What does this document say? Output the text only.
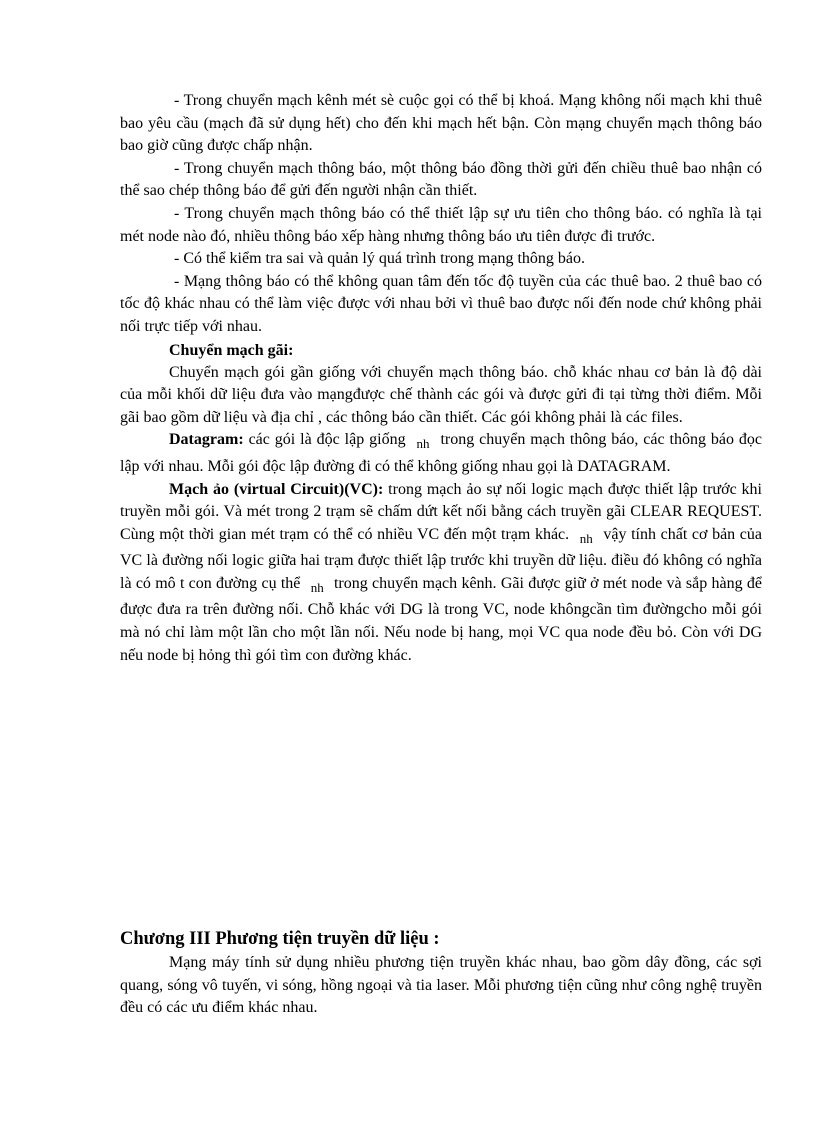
- Trong chuyển mạch kênh mét sè cuộc gọi có thể bị khoá. Mạng không nối mạch khi thuê bao yêu cầu (mạch đã sử dụng hết) cho đến khi mạch hết bận. Còn mạng chuyển mạch thông báo bao giờ cũng được chấp nhận.

- Trong chuyển mạch thông báo, một thông báo đồng thời gửi đến chiều thuê bao nhận có thể sao chép thông báo để gửi đến người nhận cần thiết.

- Trong chuyển mạch thông báo có thể thiết lập sự ưu tiên cho thông báo. có nghĩa là tại mét node nào đó, nhiều thông báo xếp hàng nhưng thông báo ưu tiên được đi trước.

- Có thể kiểm tra sai và quản lý quá trình trong mạng thông báo.

- Mạng thông báo có thể không quan tâm đến tốc độ tuyền của các thuê bao. 2 thuê bao có tốc độ khác nhau có thể làm việc được với nhau bởi vì thuê bao được nối đến node chứ không phải nối trực tiếp với nhau.

Chuyển mạch gãi:

Chuyển mạch gói gần giống với chuyển mạch thông báo. chỗ khác nhau cơ bản là độ dài của mỗi khối dữ liệu đưa vào mạngđược chế thành các gói và được gửi đi tại từng thời điểm. Mỗi gãi bao gồm dữ liệu và địa chỉ , các thông báo cần thiết. Các gói không phải là các files.

Datagram: các gói là độc lập giống $_{nh}$ trong chuyển mạch thông báo, các thông báo đọc lập với nhau. Mỗi gói độc lập đường đi có thể không giống nhau gọi là DATAGRAM.

Mạch ảo (virtual Circuit)(VC): trong mạch ảo sự nối logic mạch được thiết lập trước khi truyền mỗi gói. Và mét trong 2 trạm sẽ chấm dứt kết nối bằng cách truyền gãi CLEAR REQUEST. Cùng một thời gian mét trạm có thể có nhiều VC đến một trạm khác. $_{nh}$ vậy tính chất cơ bản của VC là đường nối logic giữa hai trạm được thiết lập trước khi truyền dữ liệu. điều đó không có nghĩa là có mô t con đường cụ thể $_{nh}$ trong chuyển mạch kênh. Gãi được giữ ở mét node và sắp hàng để được đưa ra trên đường nối. Chỗ khác với DG là trong VC, node khôngcần tìm đườngcho mỗi gói mà nó chỉ làm một lần cho một lần nối. Nếu node bị hang, mọi VC qua node đều bỏ. Còn với DG nếu node bị hỏng thì gói tìm con đường khác.

Chương III Phương tiện truyền dữ liệu :

Mạng máy tính sử dụng nhiều phương tiện truyền khác nhau, bao gồm dây đồng, các sợi quang, sóng vô tuyến, vi sóng, hồng ngoại và tia laser. Mỗi phương tiện cũng như công nghệ truyền đều có các ưu điểm khác nhau.
